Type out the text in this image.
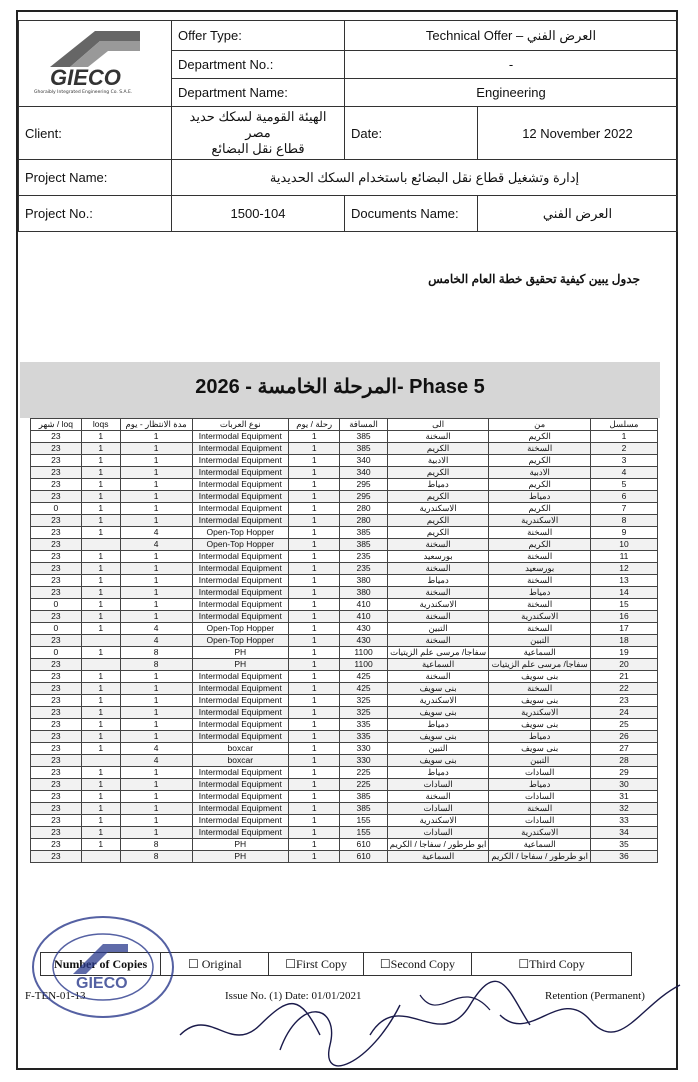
GIECO
Ghoraibly Integrated Engineering Co. S.A.E.	Offer Type:	Technical Offer – العرض الفني	
	Department No.:	-	
	Department Name:	Engineering	
Client:	الهيئة القومية لسكك حديد مصر
قطاع نقل البضائع	Date:	12 November 2022
Project Name:	إدارة وتشغيل قطاع نقل البضائع باستخدام السكك الحديدية		
Project No.:	1500-104	Documents Name:	العرض الفني
جدول يبين كيفية تحقيق خطة العام الخامس
المرحلة الخامسة - 2026- Phase 5
شهر / loq	loqs	مدة الانتظار - يوم	نوع العربات	رحلة / يوم	المسافة	الى	من	مسلسل
23	1	1	Intermodal Equipment	1	385	السخنة	الكريم	1
23	1	1	Intermodal Equipment	1	385	الكريم	السخنة	2
23	1	1	Intermodal Equipment	1	340	الادبية	الكريم	3
23	1	1	Intermodal Equipment	1	340	الكريم	الادبية	4
23	1	1	Intermodal Equipment	1	295	دمياط	الكريم	5
23	1	1	Intermodal Equipment	1	295	الكريم	دمياط	6
0	1	1	Intermodal Equipment	1	280	الاسكندرية	الكريم	7
23	1	1	Intermodal Equipment	1	280	الكريم	الاسكندرية	8
23	1	4	Open-Top Hopper	1	385	الكريم	السخنة	9
23		4	Open-Top Hopper	1	385	السخنة	الكريم	10
23	1	1	Intermodal Equipment	1	235	بورسعيد	السخنة	11
23	1	1	Intermodal Equipment	1	235	السخنة	بورسعيد	12
23	1	1	Intermodal Equipment	1	380	دمياط	السخنة	13
23	1	1	Intermodal Equipment	1	380	السخنة	دمياط	14
0	1	1	Intermodal Equipment	1	410	الاسكندرية	السخنة	15
23	1	1	Intermodal Equipment	1	410	السخنة	الاسكندرية	16
0	1	4	Open-Top Hopper	1	430	التبين	السخنة	17
23		4	Open-Top Hopper	1	430	السخنة	التبين	18
0	1	8	PH	1	1100	سفاجا/ مرسى علم الزيتيات	السماعية	19
23		8	PH	1	1100	السماعية	سفاجا/ مرسى علم الزيتيات	20
23	1	1	Intermodal Equipment	1	425	السخنة	بنى سويف	21
23	1	1	Intermodal Equipment	1	425	بنى سويف	السخنة	22
23	1	1	Intermodal Equipment	1	325	الاسكندرية	بنى سويف	23
23	1	1	Intermodal Equipment	1	325	بنى سويف	الاسكندرية	24
23	1	1	Intermodal Equipment	1	335	دمياط	بنى سويف	25
23	1	1	Intermodal Equipment	1	335	بنى سويف	دمياط	26
23	1	4	boxcar	1	330	التبين	بنى سويف	27
23		4	boxcar	1	330	بنى سويف	التبين	28
23	1	1	Intermodal Equipment	1	225	دمياط	السادات	29
23	1	1	Intermodal Equipment	1	225	السادات	دمياط	30
23	1	1	Intermodal Equipment	1	385	السخنة	السادات	31
23	1	1	Intermodal Equipment	1	385	السادات	السخنة	32
23	1	1	Intermodal Equipment	1	155	الاسكندرية	السادات	33
23	1	1	Intermodal Equipment	1	155	السادات	الاسكندرية	34
23	1	8	PH	1	610	ابو طرطور / سفاجا / الكريم	السماعية	35
23		8	PH	1	610	السماعية	ابو طرطور / سفاجا / الكريم	36
Number of Copies	☐ Original	☐First Copy	☐Second Copy	☐Third Copy
F-TEN-01-13	Issue No. (1) Date: 01/01/2021	Retention (Permanent)
GIECO
